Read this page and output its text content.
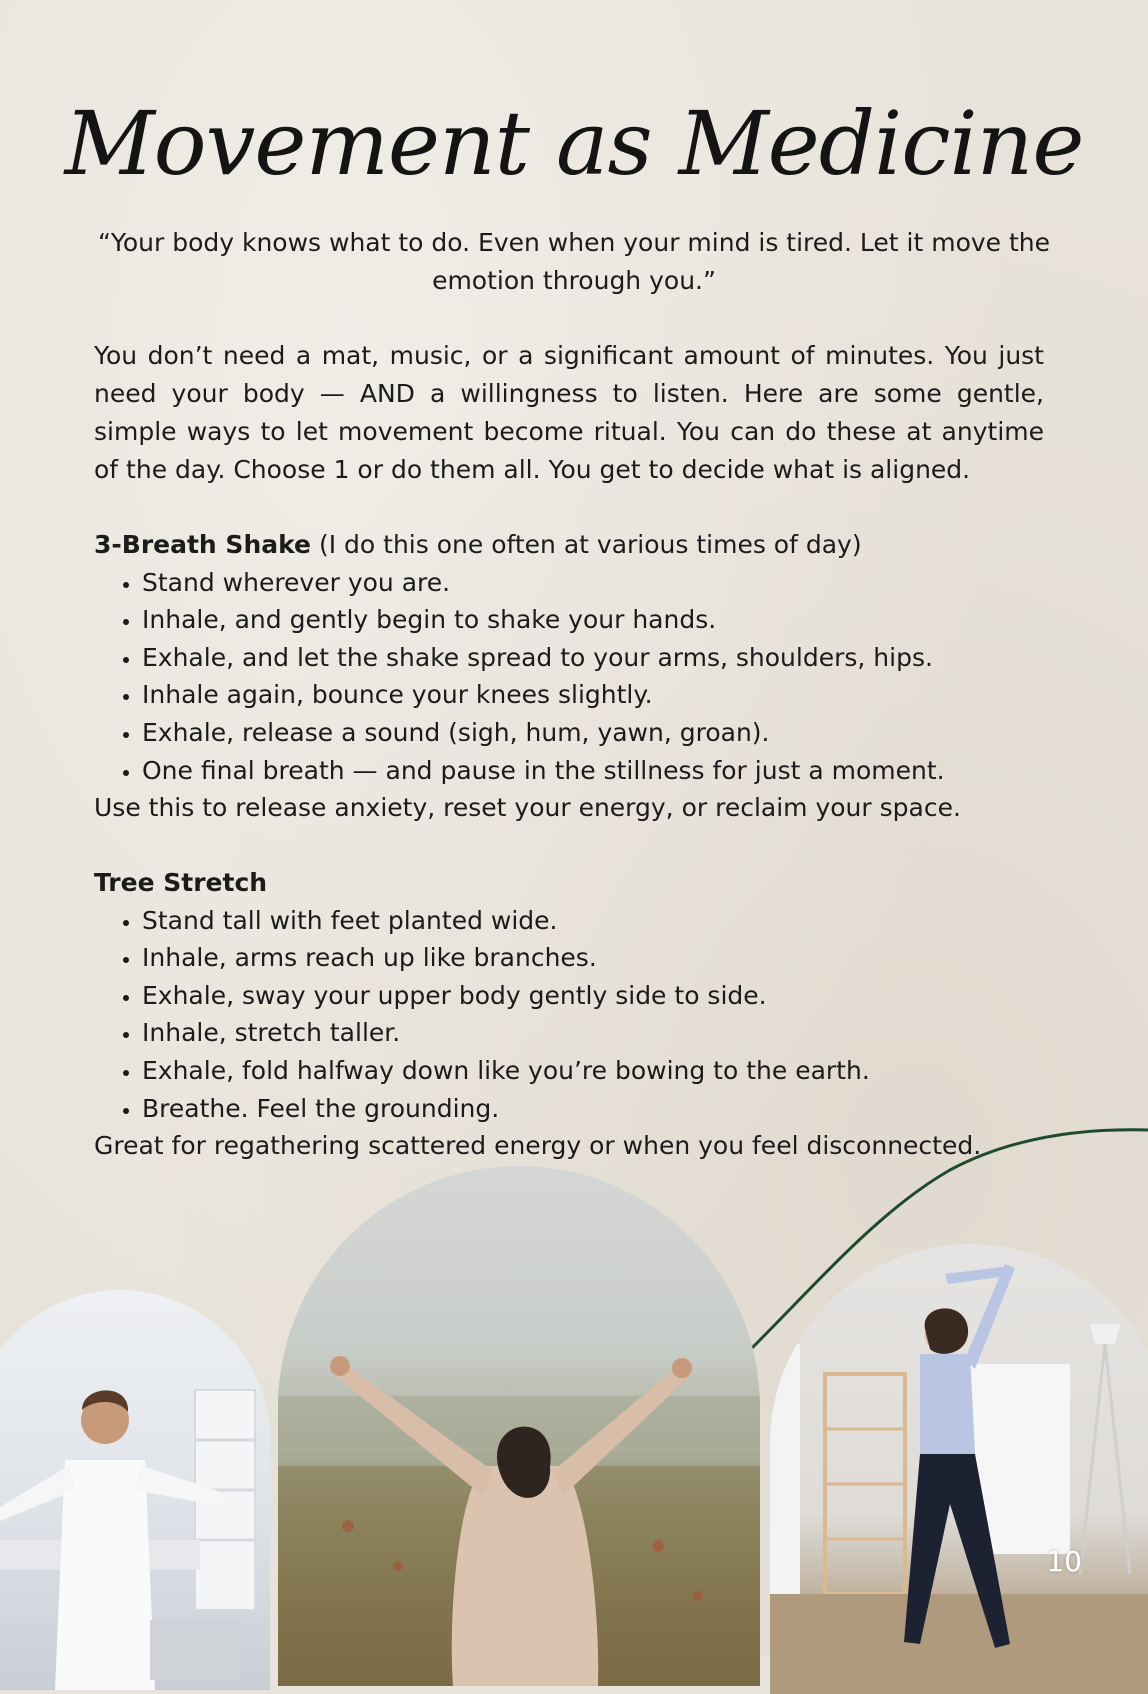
Movement as Medicine

“Your body knows what to do. Even when your mind is tired. Let it move the emotion through you.”

You don’t need a mat, music, or a significant amount of minutes. You just need your body — AND a willingness to listen. Here are some gentle, simple ways to let movement become ritual. You can do these at anytime of the day. Choose 1 or do them all. You get to decide what is aligned.

3-Breath Shake (I do this one often at various times of day)
• Stand wherever you are.
• Inhale, and gently begin to shake your hands.
• Exhale, and let the shake spread to your arms, shoulders, hips.
• Inhale again, bounce your knees slightly.
• Exhale, release a sound (sigh, hum, yawn, groan).
• One final breath — and pause in the stillness for just a moment.

Use this to release anxiety, reset your energy, or reclaim your space.

Tree Stretch
• Stand tall with feet planted wide.
• Inhale, arms reach up like branches.
• Exhale, sway your upper body gently side to side.
• Inhale, stretch taller.
• Exhale, fold halfway down like you’re bowing to the earth.
• Breathe. Feel the grounding.

Great for regathering scattered energy or when you feel disconnected.

10
